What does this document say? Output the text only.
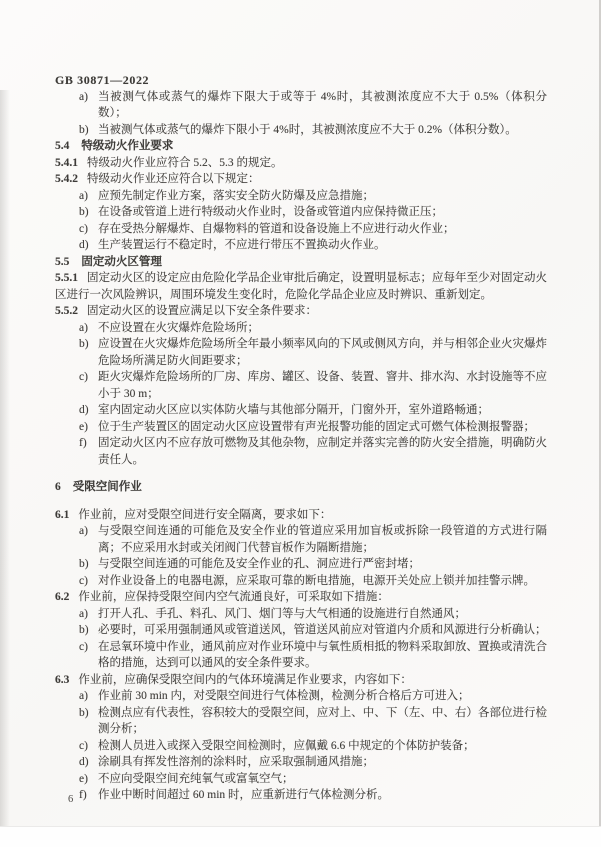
GB 30871—2022

a) 当被测气体或蒸气的爆炸下限大于或等于 4%时，其被测浓度应不大于 0.5%（体积分数）；
b) 当被测气体或蒸气的爆炸下限小于 4%时，其被测浓度应不大于 0.2%（体积分数）。

5.4 特级动火作业要求

5.4.1 特级动火作业应符合 5.2、5.3 的规定。

5.4.2 特级动火作业还应符合以下规定：

a) 应预先制定作业方案，落实安全防火防爆及应急措施；
b) 在设备或管道上进行特级动火作业时，设备或管道内应保持微正压；
c) 存在受热分解爆炸、自爆物料的管道和设备设施上不应进行动火作业；
d) 生产装置运行不稳定时，不应进行带压不置换动火作业。

5.5 固定动火区管理

5.5.1 固定动火区的设定应由危险化学品企业审批后确定，设置明显标志；应每年至少对固定动火区进行一次风险辨识，周围环境发生变化时，危险化学品企业应及时辨识、重新划定。

5.5.2 固定动火区的设置应满足以下安全条件要求：

a) 不应设置在火灾爆炸危险场所；
b) 应设置在火灾爆炸危险场所全年最小频率风向的下风或侧风方向，并与相邻企业火灾爆炸危险场所满足防火间距要求；
c) 距火灾爆炸危险场所的厂房、库房、罐区、设备、装置、窨井、排水沟、水封设施等不应小于 30 m；
d) 室内固定动火区应以实体防火墙与其他部分隔开，门窗外开，室外道路畅通；
e) 位于生产装置区的固定动火区应设置带有声光报警功能的固定式可燃气体检测报警器；
f) 固定动火区内不应存放可燃物及其他杂物，应制定并落实完善的防火安全措施，明确防火责任人。

6 受限空间作业

6.1 作业前，应对受限空间进行安全隔离，要求如下：

a) 与受限空间连通的可能危及安全作业的管道应采用加盲板或拆除一段管道的方式进行隔离；不应采用水封或关闭阀门代替盲板作为隔断措施；
b) 与受限空间连通的可能危及安全作业的孔、洞应进行严密封堵；
c) 对作业设备上的电器电源，应采取可靠的断电措施，电源开关处应上锁并加挂警示牌。

6.2 作业前，应保持受限空间内空气流通良好，可采取如下措施：

a) 打开人孔、手孔、料孔、风门、烟门等与大气相通的设施进行自然通风；
b) 必要时，可采用强制通风或管道送风，管道送风前应对管道内介质和风源进行分析确认；
c) 在忌氧环境中作业，通风前应对作业环境中与氧性质相抵的物料采取卸放、置换或清洗合格的措施，达到可以通风的安全条件要求。

6.3 作业前，应确保受限空间内的气体环境满足作业要求，内容如下：

a) 作业前 30 min 内，对受限空间进行气体检测，检测分析合格后方可进入；
b) 检测点应有代表性，容积较大的受限空间，应对上、中、下（左、中、右）各部位进行检测分析；
c) 检测人员进入或探入受限空间检测时，应佩戴 6.6 中规定的个体防护装备；
d) 涂刷具有挥发性溶剂的涂料时，应采取强制通风措施；
e) 不应向受限空间充纯氧气或富氧空气；
f) 作业中断时间超过 60 min 时，应重新进行气体检测分析。
6
